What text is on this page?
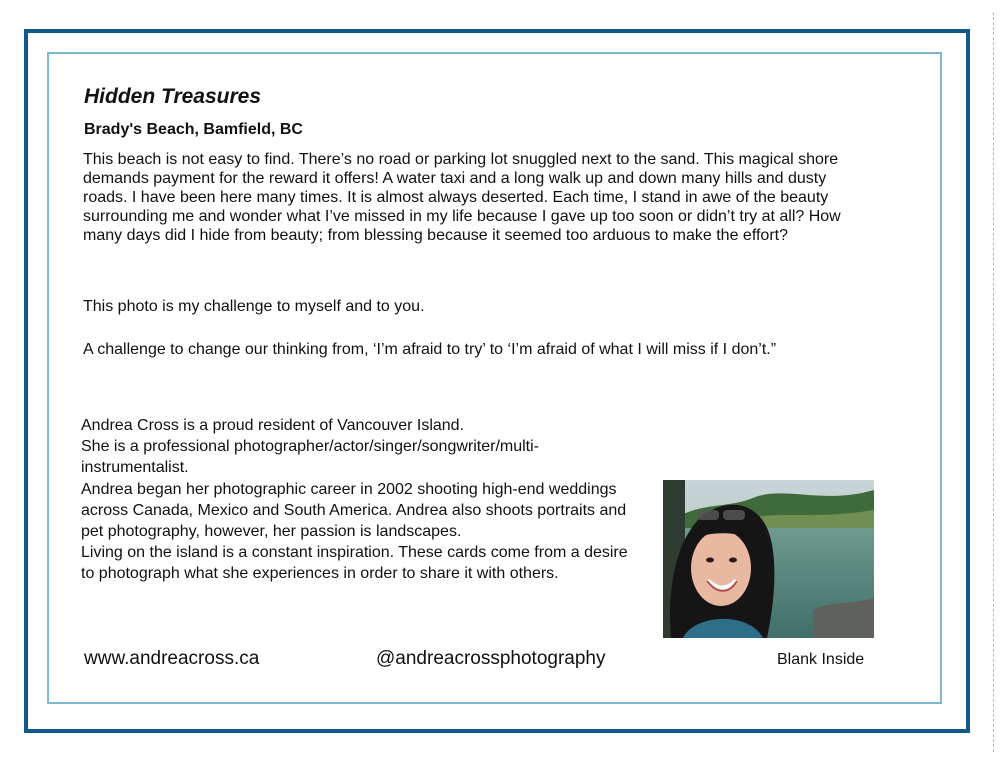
Hidden Treasures
Brady's Beach, Bamfield, BC

This beach is not easy to find. There’s no road or parking lot snuggled next to the sand. This magical shore demands payment for the reward it offers! A water taxi and a long walk up and down many hills and dusty roads. I have been here many times. It is almost always deserted. Each time, I stand in awe of the beauty surrounding me and wonder what I’ve missed in my life because I gave up too soon or didn’t try at all? How many days did I hide from beauty; from blessing because it seemed too arduous to make the effort?

This photo is my challenge to myself and to you.

A challenge to change our thinking from, ‘I’m afraid to try’ to ‘I’m afraid of what I will miss if I don’t.”

Andrea Cross is a proud resident of Vancouver Island.
She is a professional photographer/actor/singer/songwriter/multi-instrumentalist.
Andrea began her photographic career in 2002 shooting high-end weddings across Canada, Mexico and South America. Andrea also shoots portraits and pet photography, however, her passion is landscapes.
Living on the island is a constant inspiration. These cards come from a desire to photograph what she experiences in order to share it with others.

www.andreacross.ca	@andreacrossphotography	Blank Inside
